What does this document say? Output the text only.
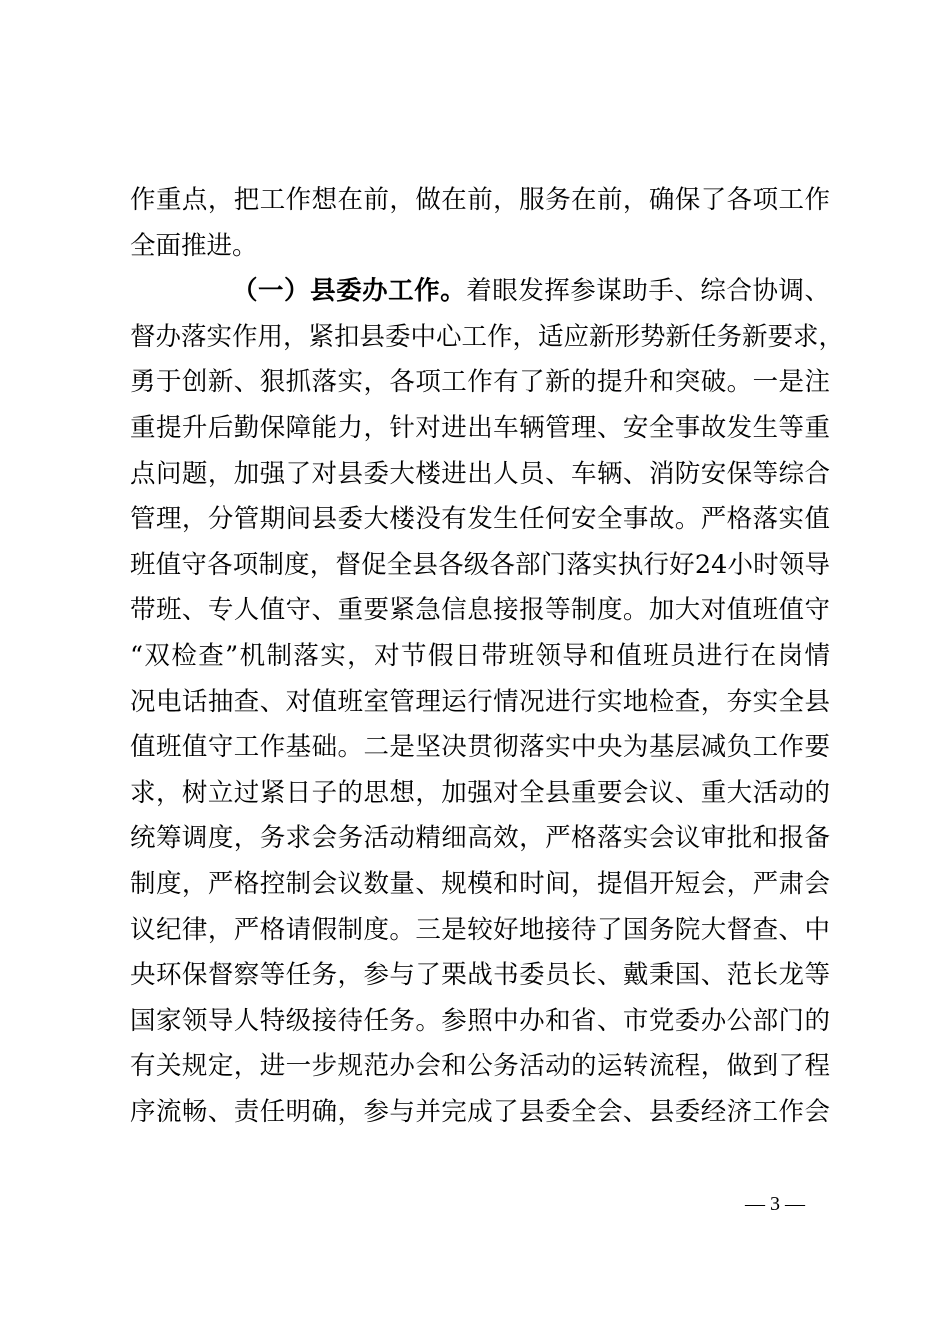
作重点，把工作想在前，做在前，服务在前，确保了各项工作
全面推进。
（一）县委办工作。着眼发挥参谋助手、综合协调、
督办落实作用，紧扣县委中心工作，适应新形势新任务新要求，
勇于创新、狠抓落实，各项工作有了新的提升和突破。一是注
重提升后勤保障能力，针对进出车辆管理、安全事故发生等重
点问题，加强了对县委大楼进出人员、车辆、消防安保等综合
管理，分管期间县委大楼没有发生任何安全事故。严格落实值
班值守各项制度，督促全县各级各部门落实执行好24小时领导
带班、专人值守、重要紧急信息接报等制度。加大对值班值守
“双检查”机制落实，对节假日带班领导和值班员进行在岗情
况电话抽查、对值班室管理运行情况进行实地检查，夯实全县
值班值守工作基础。二是坚决贯彻落实中央为基层减负工作要
求，树立过紧日子的思想，加强对全县重要会议、重大活动的
统筹调度，务求会务活动精细高效，严格落实会议审批和报备
制度，严格控制会议数量、规模和时间，提倡开短会，严肃会
议纪律，严格请假制度。三是较好地接待了国务院大督查、中
央环保督察等任务，参与了栗战书委员长、戴秉国、范长龙等
国家领导人特级接待任务。参照中办和省、市党委办公部门的
有关规定，进一步规范办会和公务活动的运转流程，做到了程
序流畅、责任明确，参与并完成了县委全会、县委经济工作会
— 3 —
